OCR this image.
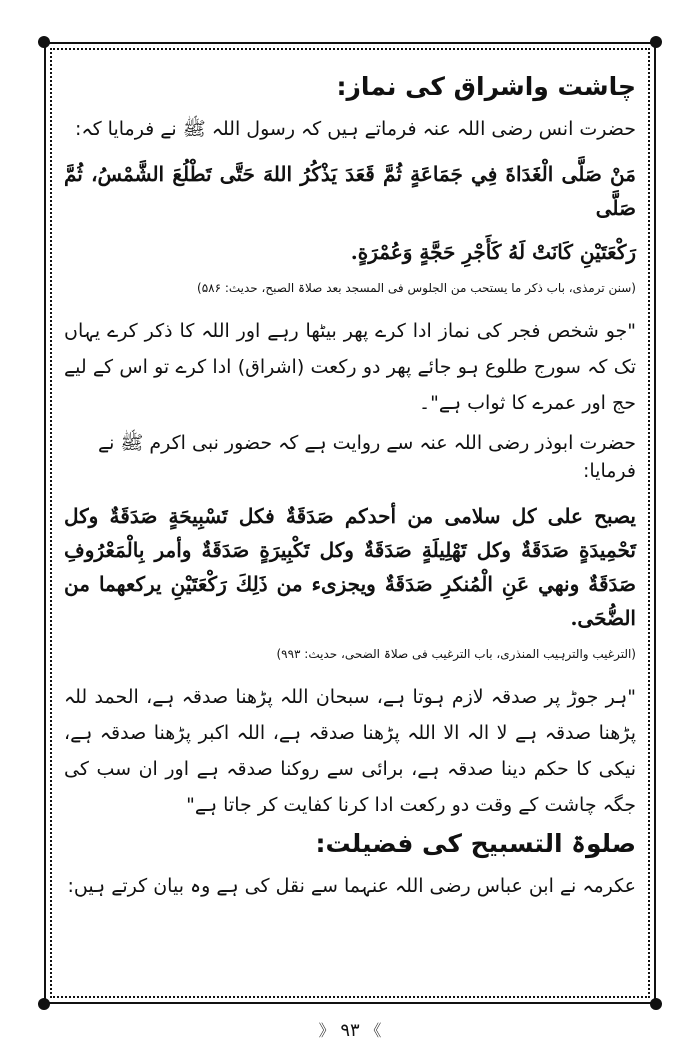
چاشت واشراق کی نماز:
حضرت انس رضی اللہ عنہ فرماتے ہیں کہ رسول اللہ ﷺ نے فرمایا کہ:
مَنْ صَلَّى الْغَدَاةَ فِي جَمَاعَةٍ ثُمَّ قَعَدَ يَذْكُرُ اللهَ حَتَّى تَطْلُعَ الشَّمْسُ، ثُمَّ صَلَّى
رَكْعَتَيْنِ كَانَتْ لَهُ كَأَجْرِ حَجَّةٍ وَعُمْرَةٍ.
(سنن ترمذی، باب ذکر ما یستحب من الجلوس فی المسجد بعد صلاۃ الصبح، حدیث: ۵۸۶)
"جو شخص فجر کی نماز ادا کرے پھر بیٹھا رہے اور اللہ کا ذکر کرے یہاں تک کہ سورج طلوع ہو جائے پھر دو رکعت (اشراق) ادا کرے تو اس کے لیے حج اور عمرے کا ثواب ہے"۔
حضرت ابوذر رضی اللہ عنہ سے روایت ہے کہ حضور نبی اکرم ﷺ نے فرمایا:
يصبح على كل سلامى من أحدكم صَدَقَةٌ فكل تَسْبِيحَةٍ صَدَقَةٌ وكل تَحْمِيدَةٍ صَدَقَةٌ وكل تَهْلِيلَةٍ صَدَقَةٌ وكل تَكْبِيرَةٍ صَدَقَةٌ وأمر بِالْمَعْرُوفِ صَدَقَةٌ ونهي عَنِ الْمُنكرِ صَدَقَةٌ ويجزىء من ذَلِكَ رَكْعَتَيْنِ يركعهما من الضُّحَى.
(الترغیب والترہیب المنذری، باب الترغیب فی صلاۃ الضحی، حدیث: ۹۹۳)
"ہر جوڑ پر صدقہ لازم ہوتا ہے، سبحان اللہ پڑھنا صدقہ ہے، الحمد للہ پڑھنا صدقہ ہے لا الہ الا اللہ پڑھنا صدقہ ہے، اللہ اکبر پڑھنا صدقہ ہے، نیکی کا حکم دینا صدقہ ہے، برائی سے روکنا صدقہ ہے اور ان سب کی جگہ چاشت کے وقت دو رکعت ادا کرنا کفایت کر جاتا ہے"
صلوۃ التسبیح کی فضیلت:
عکرمہ نے ابن عباس رضی اللہ عنہما سے نقل کی ہے وہ بیان کرتے ہیں:
》 ۹۳ 《
